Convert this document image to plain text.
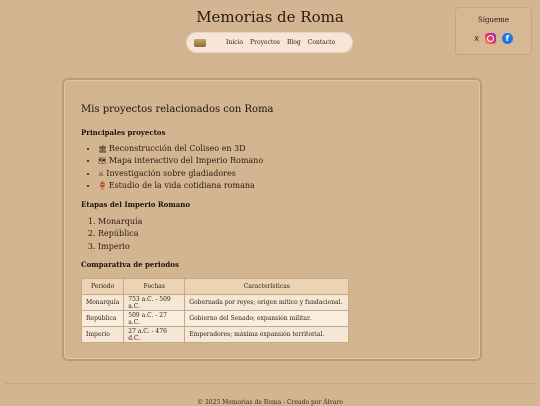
Memorias de Roma
Inicio Proyectos Blog Contacto
Sígueme
X	f
Mis proyectos relacionados con Roma
Principales proyectos
• 🏛 Reconstrucción del Coliseo en 3D
• 🗺 Mapa interactivo del Imperio Romano
• ⚔ Investigación sobre gladiadores
• 🏺 Estudio de la vida cotidiana romana
Etapas del Imperio Romano
1. Monarquía
2. República
3. Imperio
Comparativa de periodos
Periodo	Fechas	Características
Monarquía	753 a.C. - 509 a.C.	Gobernada por reyes; origen mítico y fundacional.
República	509 a.C. - 27 a.C.	Gobierno del Senado; expansión militar.
Imperio	27 a.C. - 476 d.C.	Emperadores; máxima expansión territorial.
© 2025 Memorias de Roma - Creado por Álvaro
